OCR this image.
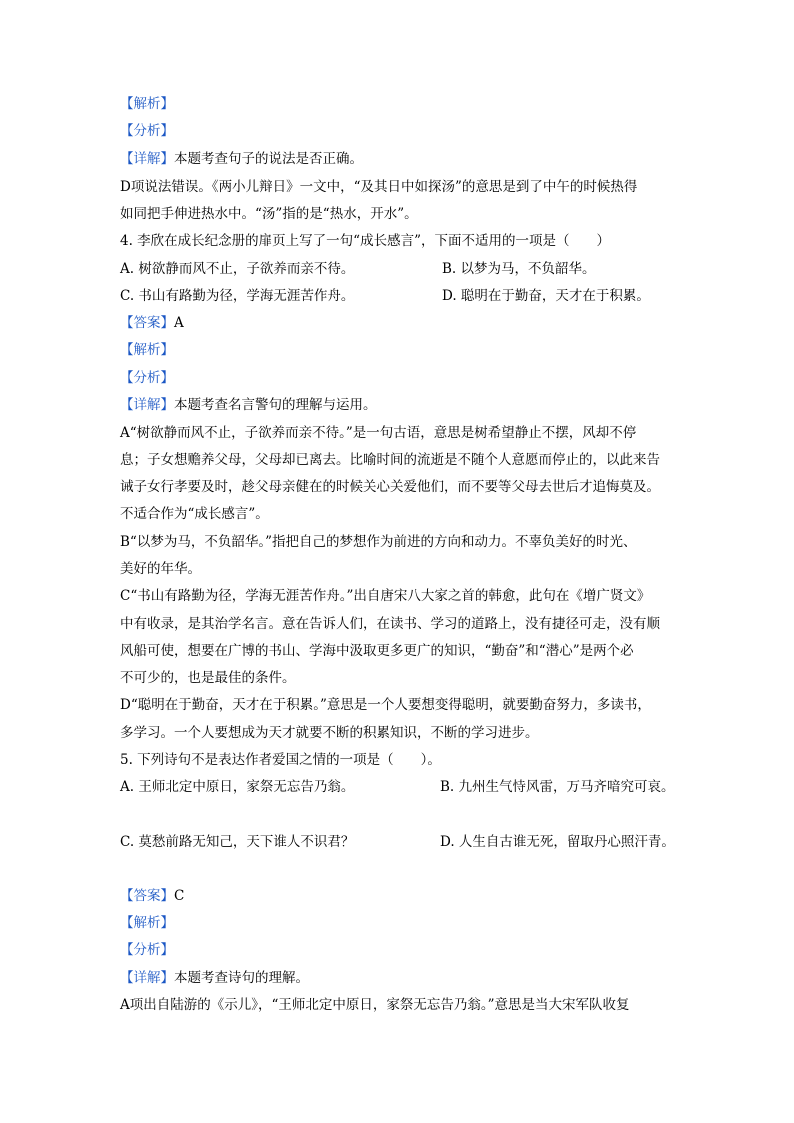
【解析】
【分析】
【详解】本题考查句子的说法是否正确。
D项说法错误。《两小儿辩日》一文中，“及其日中如探汤”的意思是到了中午的时候热得
如同把手伸进热水中。“汤”指的是“热水，开水”。
4. 李欣在成长纪念册的扉页上写了一句“成长感言”，下面不适用的一项是（　　）
A. 树欲静而风不止，子欲养而亲不待。	B. 以梦为马，不负韶华。
C. 书山有路勤为径，学海无涯苦作舟。	D. 聪明在于勤奋，天才在于积累。
【答案】A
【解析】
【分析】
【详解】本题考查名言警句的理解与运用。
A“树欲静而风不止，子欲养而亲不待。”是一句古语，意思是树希望静止不摆，风却不停
息；子女想赡养父母，父母却已离去。比喻时间的流逝是不随个人意愿而停止的，以此来告
诫子女行孝要及时，趁父母亲健在的时候关心关爱他们，而不要等父母去世后才追悔莫及。
不适合作为“成长感言”。
B“以梦为马，不负韶华。”指把自己的梦想作为前进的方向和动力。不辜负美好的时光、
美好的年华。
C“书山有路勤为径，学海无涯苦作舟。”出自唐宋八大家之首的韩愈，此句在《增广贤文》
中有收录，是其治学名言。意在告诉人们，在读书、学习的道路上，没有捷径可走，没有顺
风船可使，想要在广博的书山、学海中汲取更多更广的知识，“勤奋”和“潜心”是两个必
不可少的，也是最佳的条件。
D“聪明在于勤奋，天才在于积累。”意思是一个人要想变得聪明，就要勤奋努力，多读书，
多学习。一个人要想成为天才就要不断的积累知识，不断的学习进步。
5. 下列诗句不是表达作者爱国之情的一项是（　　）。
A. 王师北定中原日，家祭无忘告乃翁。	B. 九州生气恃风雷，万马齐喑究可哀。
C. 莫愁前路无知己，天下谁人不识君？	D. 人生自古谁无死，留取丹心照汗青。
【答案】C
【解析】
【分析】
【详解】本题考查诗句的理解。
A项出自陆游的《示儿》，“王师北定中原日，家祭无忘告乃翁。”意思是当大宋军队收复
